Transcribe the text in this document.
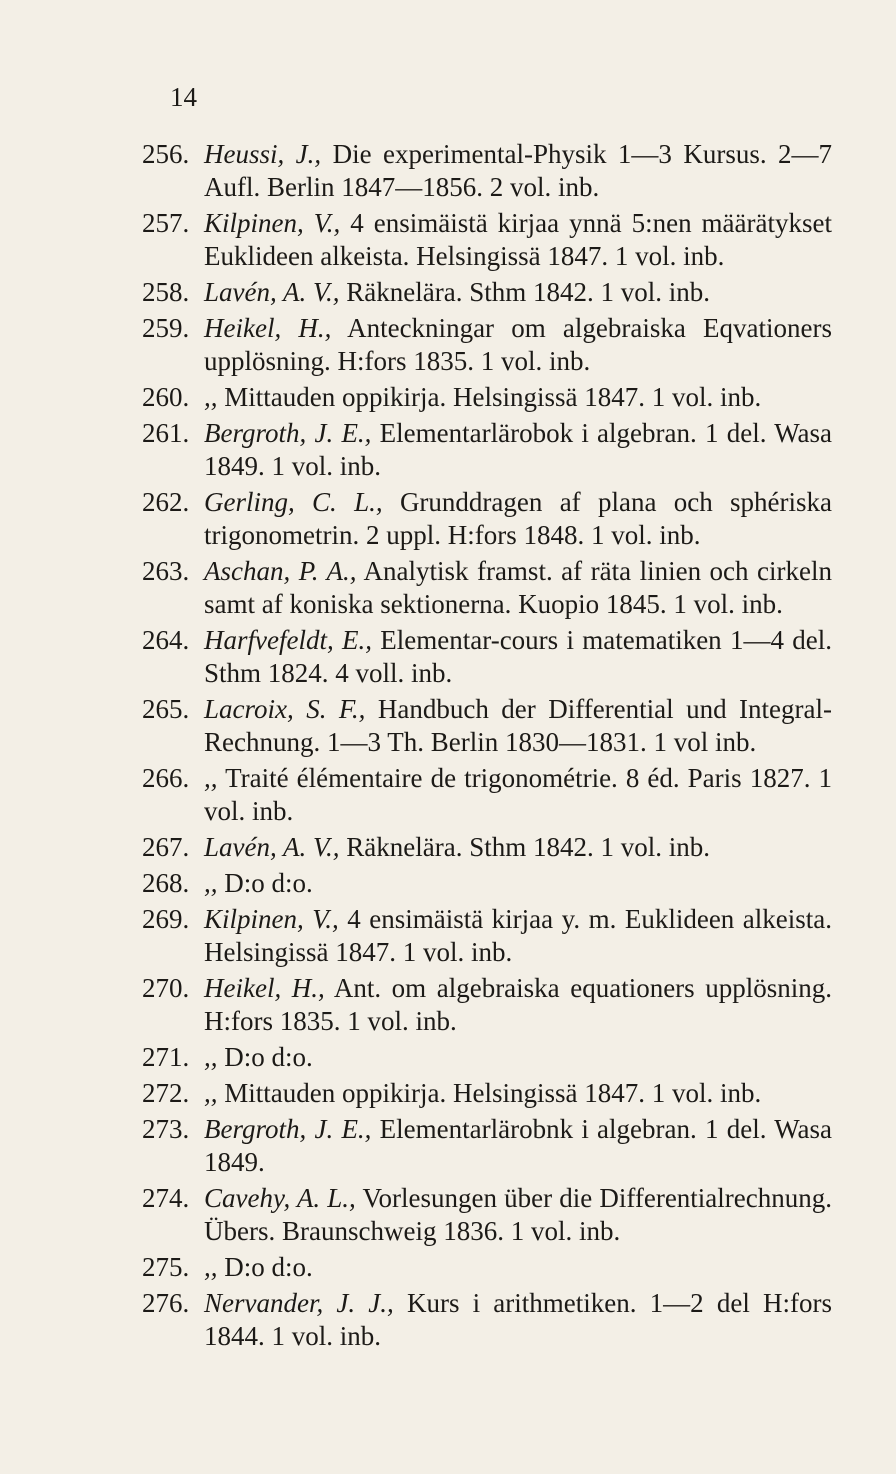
14
256. Heussi, J., Die experimental-Physik 1—3 Kursus. 2—7 Aufl. Berlin 1847—1856. 2 vol. inb.
257. Kilpinen, V., 4 ensimäistä kirjaa ynnä 5:nen määrätykset Euklideen alkeista. Helsingissä 1847. 1 vol. inb.
258. Lavén, A. V., Räknelära. Sthm 1842. 1 vol. inb.
259. Heikel, H., Anteckningar om algebraiska Eqvationers upplösning. H:fors 1835. 1 vol. inb.
260. ,, Mittauden oppikirja. Helsingissä 1847. 1 vol. inb.
261. Bergroth, J. E., Elementarlärobok i algebran. 1 del. Wasa 1849. 1 vol. inb.
262. Gerling, C. L., Grunddragen af plana och sphériska trigonometrin. 2 uppl. H:fors 1848. 1 vol. inb.
263. Aschan, P. A., Analytisk framst. af räta linien och cirkeln samt af koniska sektionerna. Kuopio 1845. 1 vol. inb.
264. Harfvefeldt, E., Elementar-cours i matematiken 1—4 del. Sthm 1824. 4 voll. inb.
265. Lacroix, S. F., Handbuch der Differential und Integral-Rechnung. 1—3 Th. Berlin 1830—1831. 1 vol inb.
266. ,, Traité élémentaire de trigonométrie. 8 éd. Paris 1827. 1 vol. inb.
267. Lavén, A. V., Räknelära. Sthm 1842. 1 vol. inb.
268. ,, D:o d:o.
269. Kilpinen, V., 4 ensimäistä kirjaa y. m. Euklideen alkeista. Helsingissä 1847. 1 vol. inb.
270. Heikel, H., Ant. om algebraiska equationers upplösning. H:fors 1835. 1 vol. inb.
271. ,, D:o d:o.
272. ,, Mittauden oppikirja. Helsingissä 1847. 1 vol. inb.
273. Bergroth, J. E., Elementarlärobnk i algebran. 1 del. Wasa 1849.
274. Cavehy, A. L., Vorlesungen über die Differentialrechnung. Übers. Braunschweig 1836. 1 vol. inb.
275. ,, D:o d:o.
276. Nervander, J. J., Kurs i arithmetiken. 1—2 del H:fors 1844. 1 vol. inb.
